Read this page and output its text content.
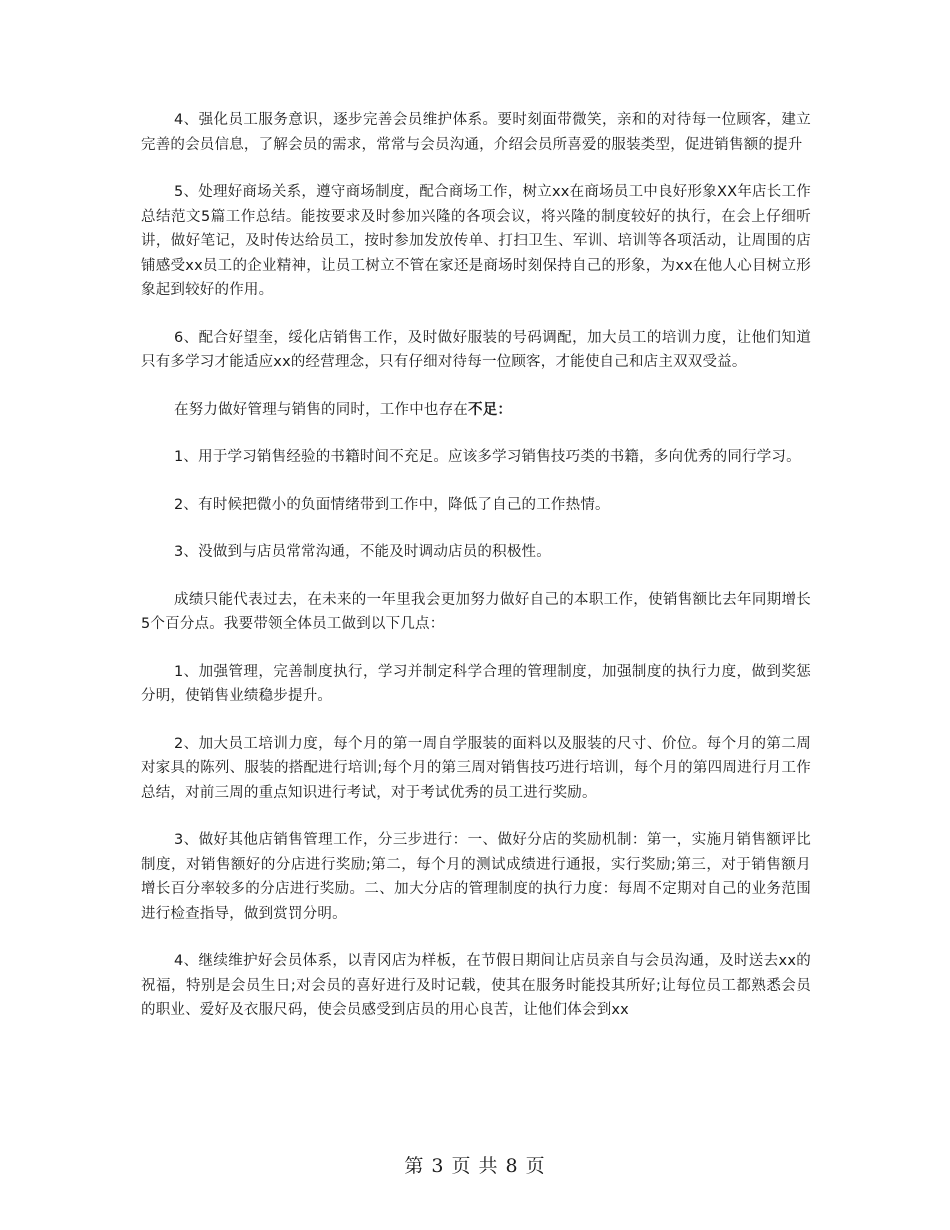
4、强化员工服务意识，逐步完善会员维护体系。要时刻面带微笑，亲和的对待每一位顾客，建立完善的会员信息，了解会员的需求，常常与会员沟通，介绍会员所喜爱的服装类型，促进销售额的提升

5、处理好商场关系，遵守商场制度，配合商场工作，树立xx在商场员工中良好形象XX年店长工作总结范文5篇工作总结。能按要求及时参加兴隆的各项会议，将兴隆的制度较好的执行，在会上仔细听讲，做好笔记，及时传达给员工，按时参加发放传单、打扫卫生、军训、培训等各项活动，让周围的店铺感受xx员工的企业精神，让员工树立不管在家还是商场时刻保持自己的形象，为xx在他人心目树立形象起到较好的作用。

6、配合好望奎，绥化店销售工作，及时做好服装的号码调配，加大员工的培训力度，让他们知道只有多学习才能适应xx的经营理念，只有仔细对待每一位顾客，才能使自己和店主双双受益。

在努力做好管理与销售的同时，工作中也存在不足：

1、用于学习销售经验的书籍时间不充足。应该多学习销售技巧类的书籍，多向优秀的同行学习。

2、有时候把微小的负面情绪带到工作中，降低了自己的工作热情。

3、没做到与店员常常沟通，不能及时调动店员的积极性。

成绩只能代表过去，在未来的一年里我会更加努力做好自己的本职工作，使销售额比去年同期增长5个百分点。我要带领全体员工做到以下几点：

1、加强管理，完善制度执行，学习并制定科学合理的管理制度，加强制度的执行力度，做到奖惩分明，使销售业绩稳步提升。

2、加大员工培训力度，每个月的第一周自学服装的面料以及服装的尺寸、价位。每个月的第二周对家具的陈列、服装的搭配进行培训;每个月的第三周对销售技巧进行培训，每个月的第四周进行月工作总结，对前三周的重点知识进行考试，对于考试优秀的员工进行奖励。

3、做好其他店销售管理工作，分三步进行：一、做好分店的奖励机制：第一，实施月销售额评比制度，对销售额好的分店进行奖励;第二，每个月的测试成绩进行通报，实行奖励;第三，对于销售额月增长百分率较多的分店进行奖励。二、加大分店的管理制度的执行力度：每周不定期对自己的业务范围进行检查指导，做到赏罚分明。

4、继续维护好会员体系，以青冈店为样板，在节假日期间让店员亲自与会员沟通，及时送去xx的祝福，特别是会员生日;对会员的喜好进行及时记载，使其在服务时能投其所好;让每位员工都熟悉会员的职业、爱好及衣服尺码，使会员感受到店员的用心良苦，让他们体会到xx

第 3 页 共 8 页
